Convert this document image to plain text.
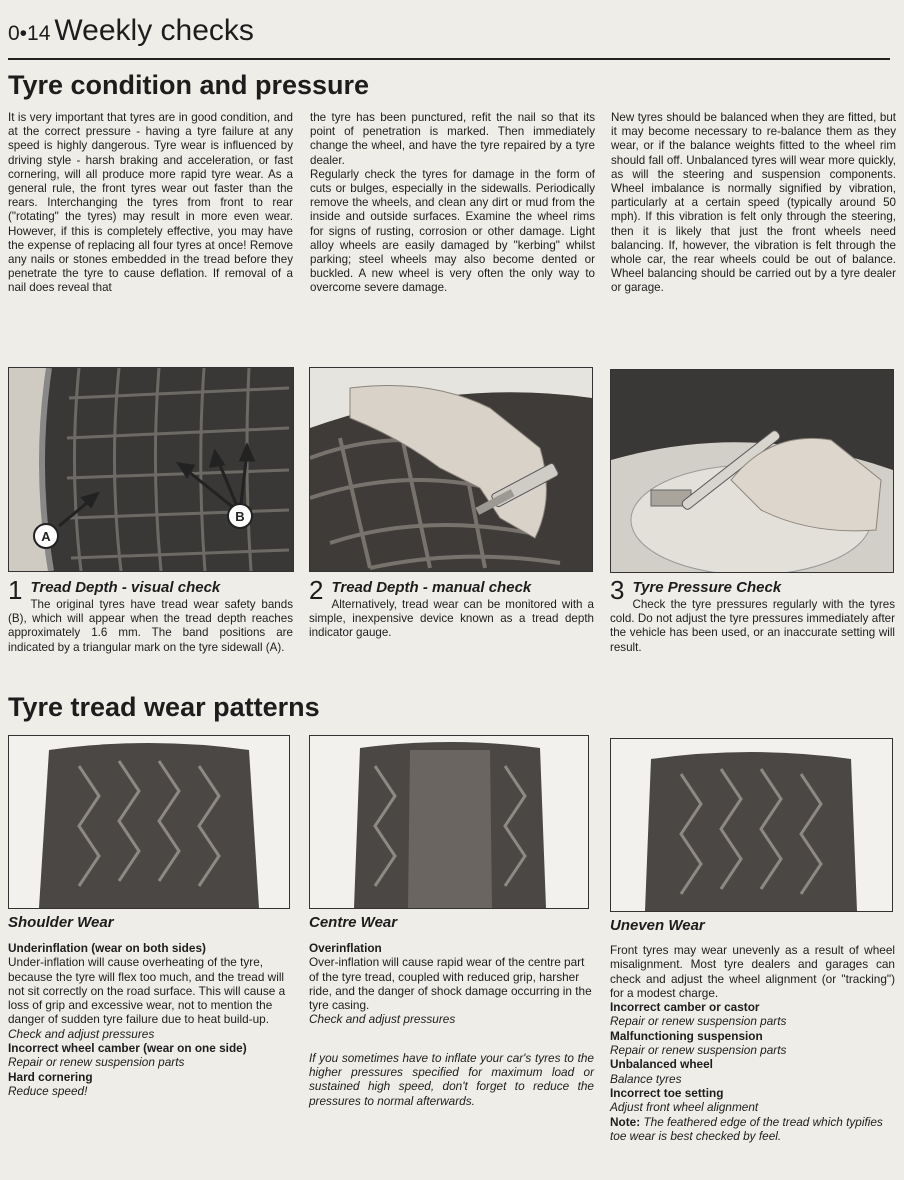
0•14 Weekly checks
Tyre condition and pressure

It is very important that tyres are in good condition, and at the correct pressure - having a tyre failure at any speed is highly dangerous. Tyre wear is influenced by driving style - harsh braking and acceleration, or fast cornering, will all produce more rapid tyre wear. As a general rule, the front tyres wear out faster than the rears. Interchanging the tyres from front to rear ("rotating" the tyres) may result in more even wear. However, if this is completely effective, you may have the expense of replacing all four tyres at once! Remove any nails or stones embedded in the tread before they penetrate the tyre to cause deflation. If removal of a nail does reveal that

the tyre has been punctured, refit the nail so that its point of penetration is marked. Then immediately change the wheel, and have the tyre repaired by a tyre dealer.

Regularly check the tyres for damage in the form of cuts or bulges, especially in the sidewalls. Periodically remove the wheels, and clean any dirt or mud from the inside and outside surfaces. Examine the wheel rims for signs of rusting, corrosion or other damage. Light alloy wheels are easily damaged by "kerbing" whilst parking; steel wheels may also become dented or buckled. A new wheel is very often the only way to overcome severe damage.

New tyres should be balanced when they are fitted, but it may become necessary to re-balance them as they wear, or if the balance weights fitted to the wheel rim should fall off. Unbalanced tyres will wear more quickly, as will the steering and suspension components. Wheel imbalance is normally signified by vibration, particularly at a certain speed (typically around 50 mph). If this vibration is felt only through the steering, then it is likely that just the front wheels need balancing. If, however, the vibration is felt through the whole car, the rear wheels could be out of balance. Wheel balancing should be carried out by a tyre dealer or garage.

A
B
1 Tread Depth - visual check
The original tyres have tread wear safety bands (B), which will appear when the tread depth reaches approximately 1.6 mm. The band positions are indicated by a triangular mark on the tyre sidewall (A).
2 Tread Depth - manual check
Alternatively, tread wear can be monitored with a simple, inexpensive device known as a tread depth indicator gauge.
3 Tyre Pressure Check
Check the tyre pressures regularly with the tyres cold. Do not adjust the tyre pressures immediately after the vehicle has been used, or an inaccurate setting will result.
Tyre tread wear patterns
Shoulder Wear	Centre Wear	Uneven Wear
Underinflation (wear on both sides)
Under-inflation will cause overheating of the tyre, because the tyre will flex too much, and the tread will not sit correctly on the road surface. This will cause a loss of grip and excessive wear, not to mention the danger of sudden tyre failure due to heat build-up.
Check and adjust pressures
Incorrect wheel camber (wear on one side)
Repair or renew suspension parts
Hard cornering
Reduce speed!
Overinflation
Over-inflation will cause rapid wear of the centre part of the tyre tread, coupled with reduced grip, harsher ride, and the danger of shock damage occurring in the tyre casing.
Check and adjust pressures
If you sometimes have to inflate your car's tyres to the higher pressures specified for maximum load or sustained high speed, don't forget to reduce the pressures to normal afterwards.
Front tyres may wear unevenly as a result of wheel misalignment. Most tyre dealers and garages can check and adjust the wheel alignment (or "tracking") for a modest charge.
Incorrect camber or castor
Repair or renew suspension parts
Malfunctioning suspension
Repair or renew suspension parts
Unbalanced wheel
Balance tyres
Incorrect toe setting
Adjust front wheel alignment
Note: The feathered edge of the tread which typifies toe wear is best checked by feel.
